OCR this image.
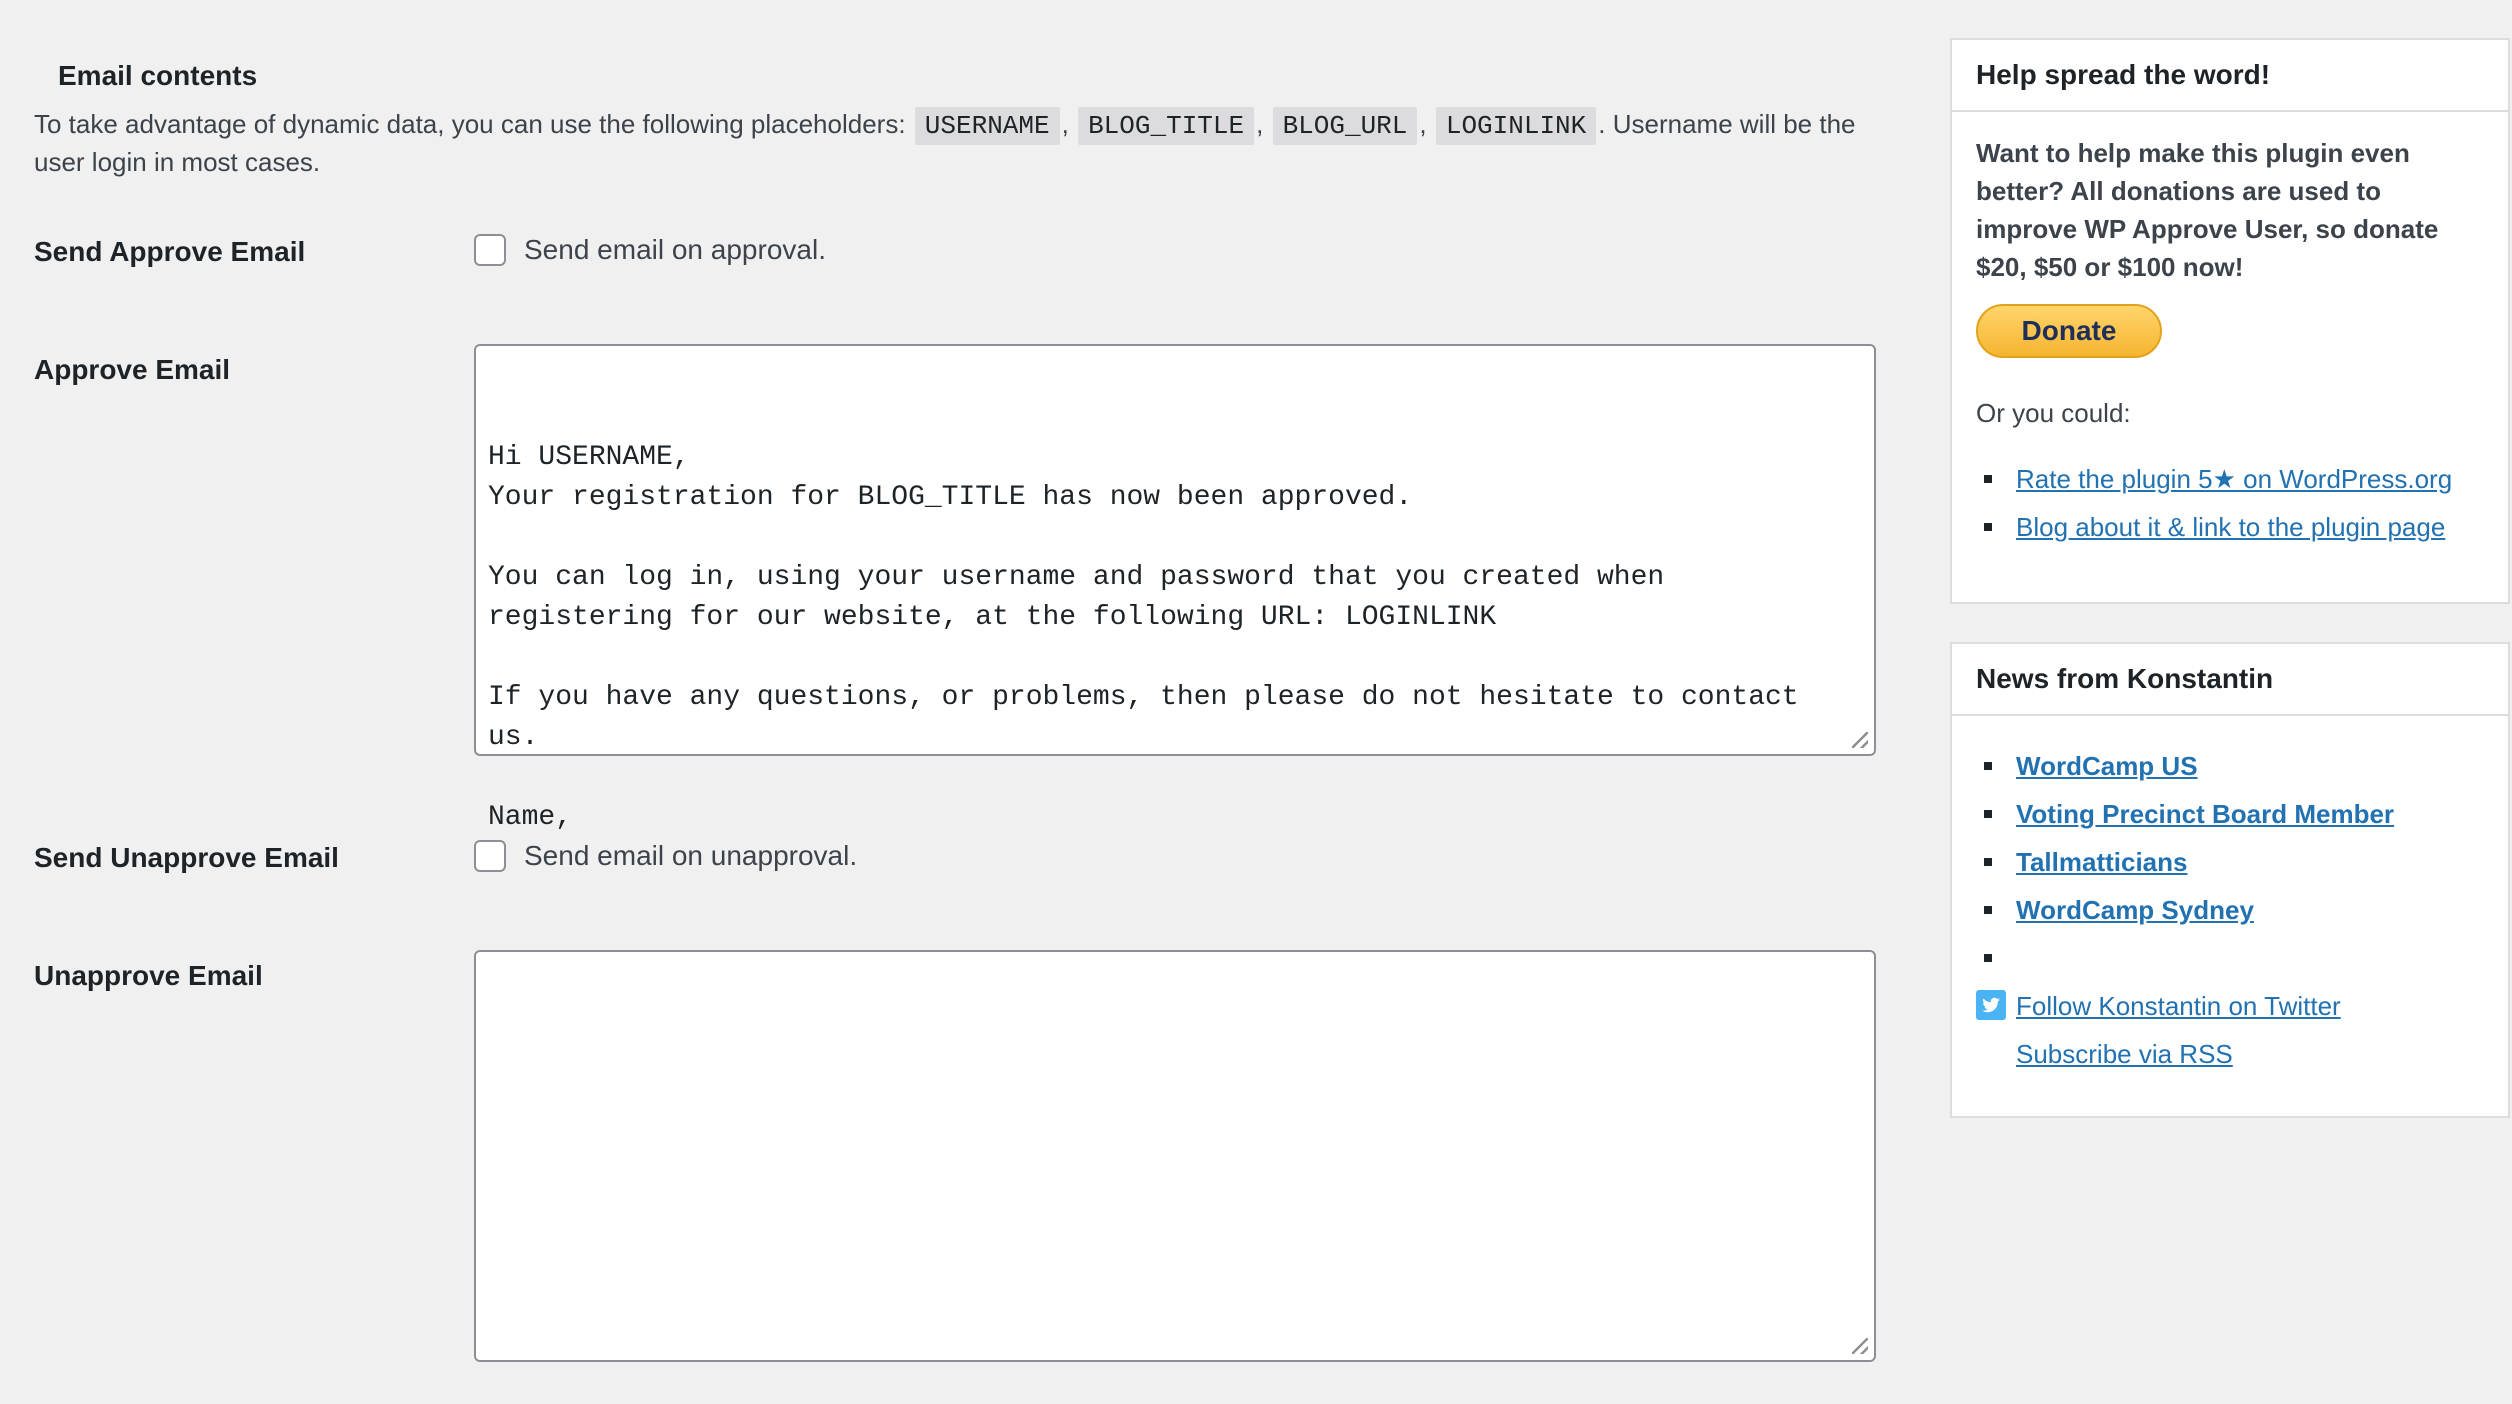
Email contents
To take advantage of dynamic data, you can use the following placeholders: USERNAME , BLOG_TITLE , BLOG_URL , LOGINLINK . Username will be the user login in most cases.
Send Approve Email	Send email on approval.
Approve Email

Hi USERNAME,
Your registration for BLOG_TITLE has now been approved.

You can log in, using your username and password that you created when
registering for our website, at the following URL: LOGINLINK

If you have any questions, or problems, then please do not hesitate to contact
us.

Name,

Send Unapprove Email	Send email on unapproval.
Unapprove Email

Help spread the word!
Want to help make this plugin even better? All donations are used to improve WP Approve User, so donate $20, $50 or $100 now!
Donate
Or you could:
Rate the plugin 5★ on WordPress.org
Blog about it & link to the plugin page
News from Konstantin
WordCamp US
Voting Precinct Board Member
Tallmatticians
WordCamp Sydney

Follow Konstantin on Twitter
Subscribe via RSS
